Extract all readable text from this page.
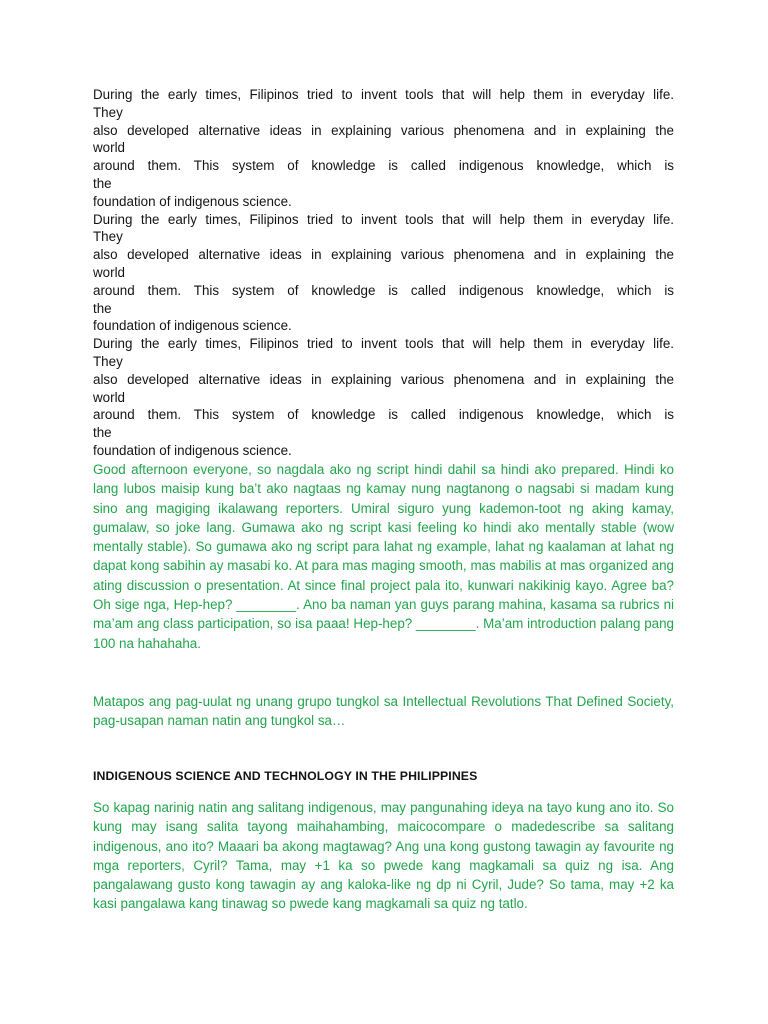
During the early times, Filipinos tried to invent tools that will help them in everyday life.
They
also developed alternative ideas in explaining various phenomena and in explaining the
world
around them. This system of knowledge is called indigenous knowledge, which is
the
foundation of indigenous science.
During the early times, Filipinos tried to invent tools that will help them in everyday life.
They
also developed alternative ideas in explaining various phenomena and in explaining the
world
around them. This system of knowledge is called indigenous knowledge, which is
the
foundation of indigenous science.
During the early times, Filipinos tried to invent tools that will help them in everyday life.
They
also developed alternative ideas in explaining various phenomena and in explaining the
world
around them. This system of knowledge is called indigenous knowledge, which is
the
foundation of indigenous science.

Good afternoon everyone, so nagdala ako ng script hindi dahil sa hindi ako prepared. Hindi ko lang lubos maisip kung ba’t ako nagtaas ng kamay nung nagtanong o nagsabi si madam kung sino ang magiging ikalawang reporters. Umiral siguro yung kademon-toot ng aking kamay, gumalaw, so joke lang. Gumawa ako ng script kasi feeling ko hindi ako mentally stable (wow mentally stable). So gumawa ako ng script para lahat ng example, lahat ng kaalaman at lahat ng dapat kong sabihin ay masabi ko. At para mas maging smooth, mas mabilis at mas organized ang ating discussion o presentation. At since final project pala ito, kunwari nakikinig kayo. Agree ba? Oh sige nga, Hep-hep? ________. Ano ba naman yan guys parang mahina, kasama sa rubrics ni ma’am ang class participation, so isa paaa! Hep-hep? ________. Ma’am introduction palang pang 100 na hahahaha.

Matapos ang pag-uulat ng unang grupo tungkol sa Intellectual Revolutions That Defined Society, pag-usapan naman natin ang tungkol sa…

INDIGENOUS SCIENCE AND TECHNOLOGY IN THE PHILIPPINES

So kapag narinig natin ang salitang indigenous, may pangunahing ideya na tayo kung ano ito. So kung may isang salita tayong maihahambing, maicocompare o madedescribe sa salitang indigenous, ano ito? Maaari ba akong magtawag? Ang una kong gustong tawagin ay favourite ng mga reporters, Cyril? Tama, may +1 ka so pwede kang magkamali sa quiz ng isa. Ang pangalawang gusto kong tawagin ay ang kaloka-like ng dp ni Cyril, Jude? So tama, may +2 ka kasi pangalawa kang tinawag so pwede kang magkamali sa quiz ng tatlo.
